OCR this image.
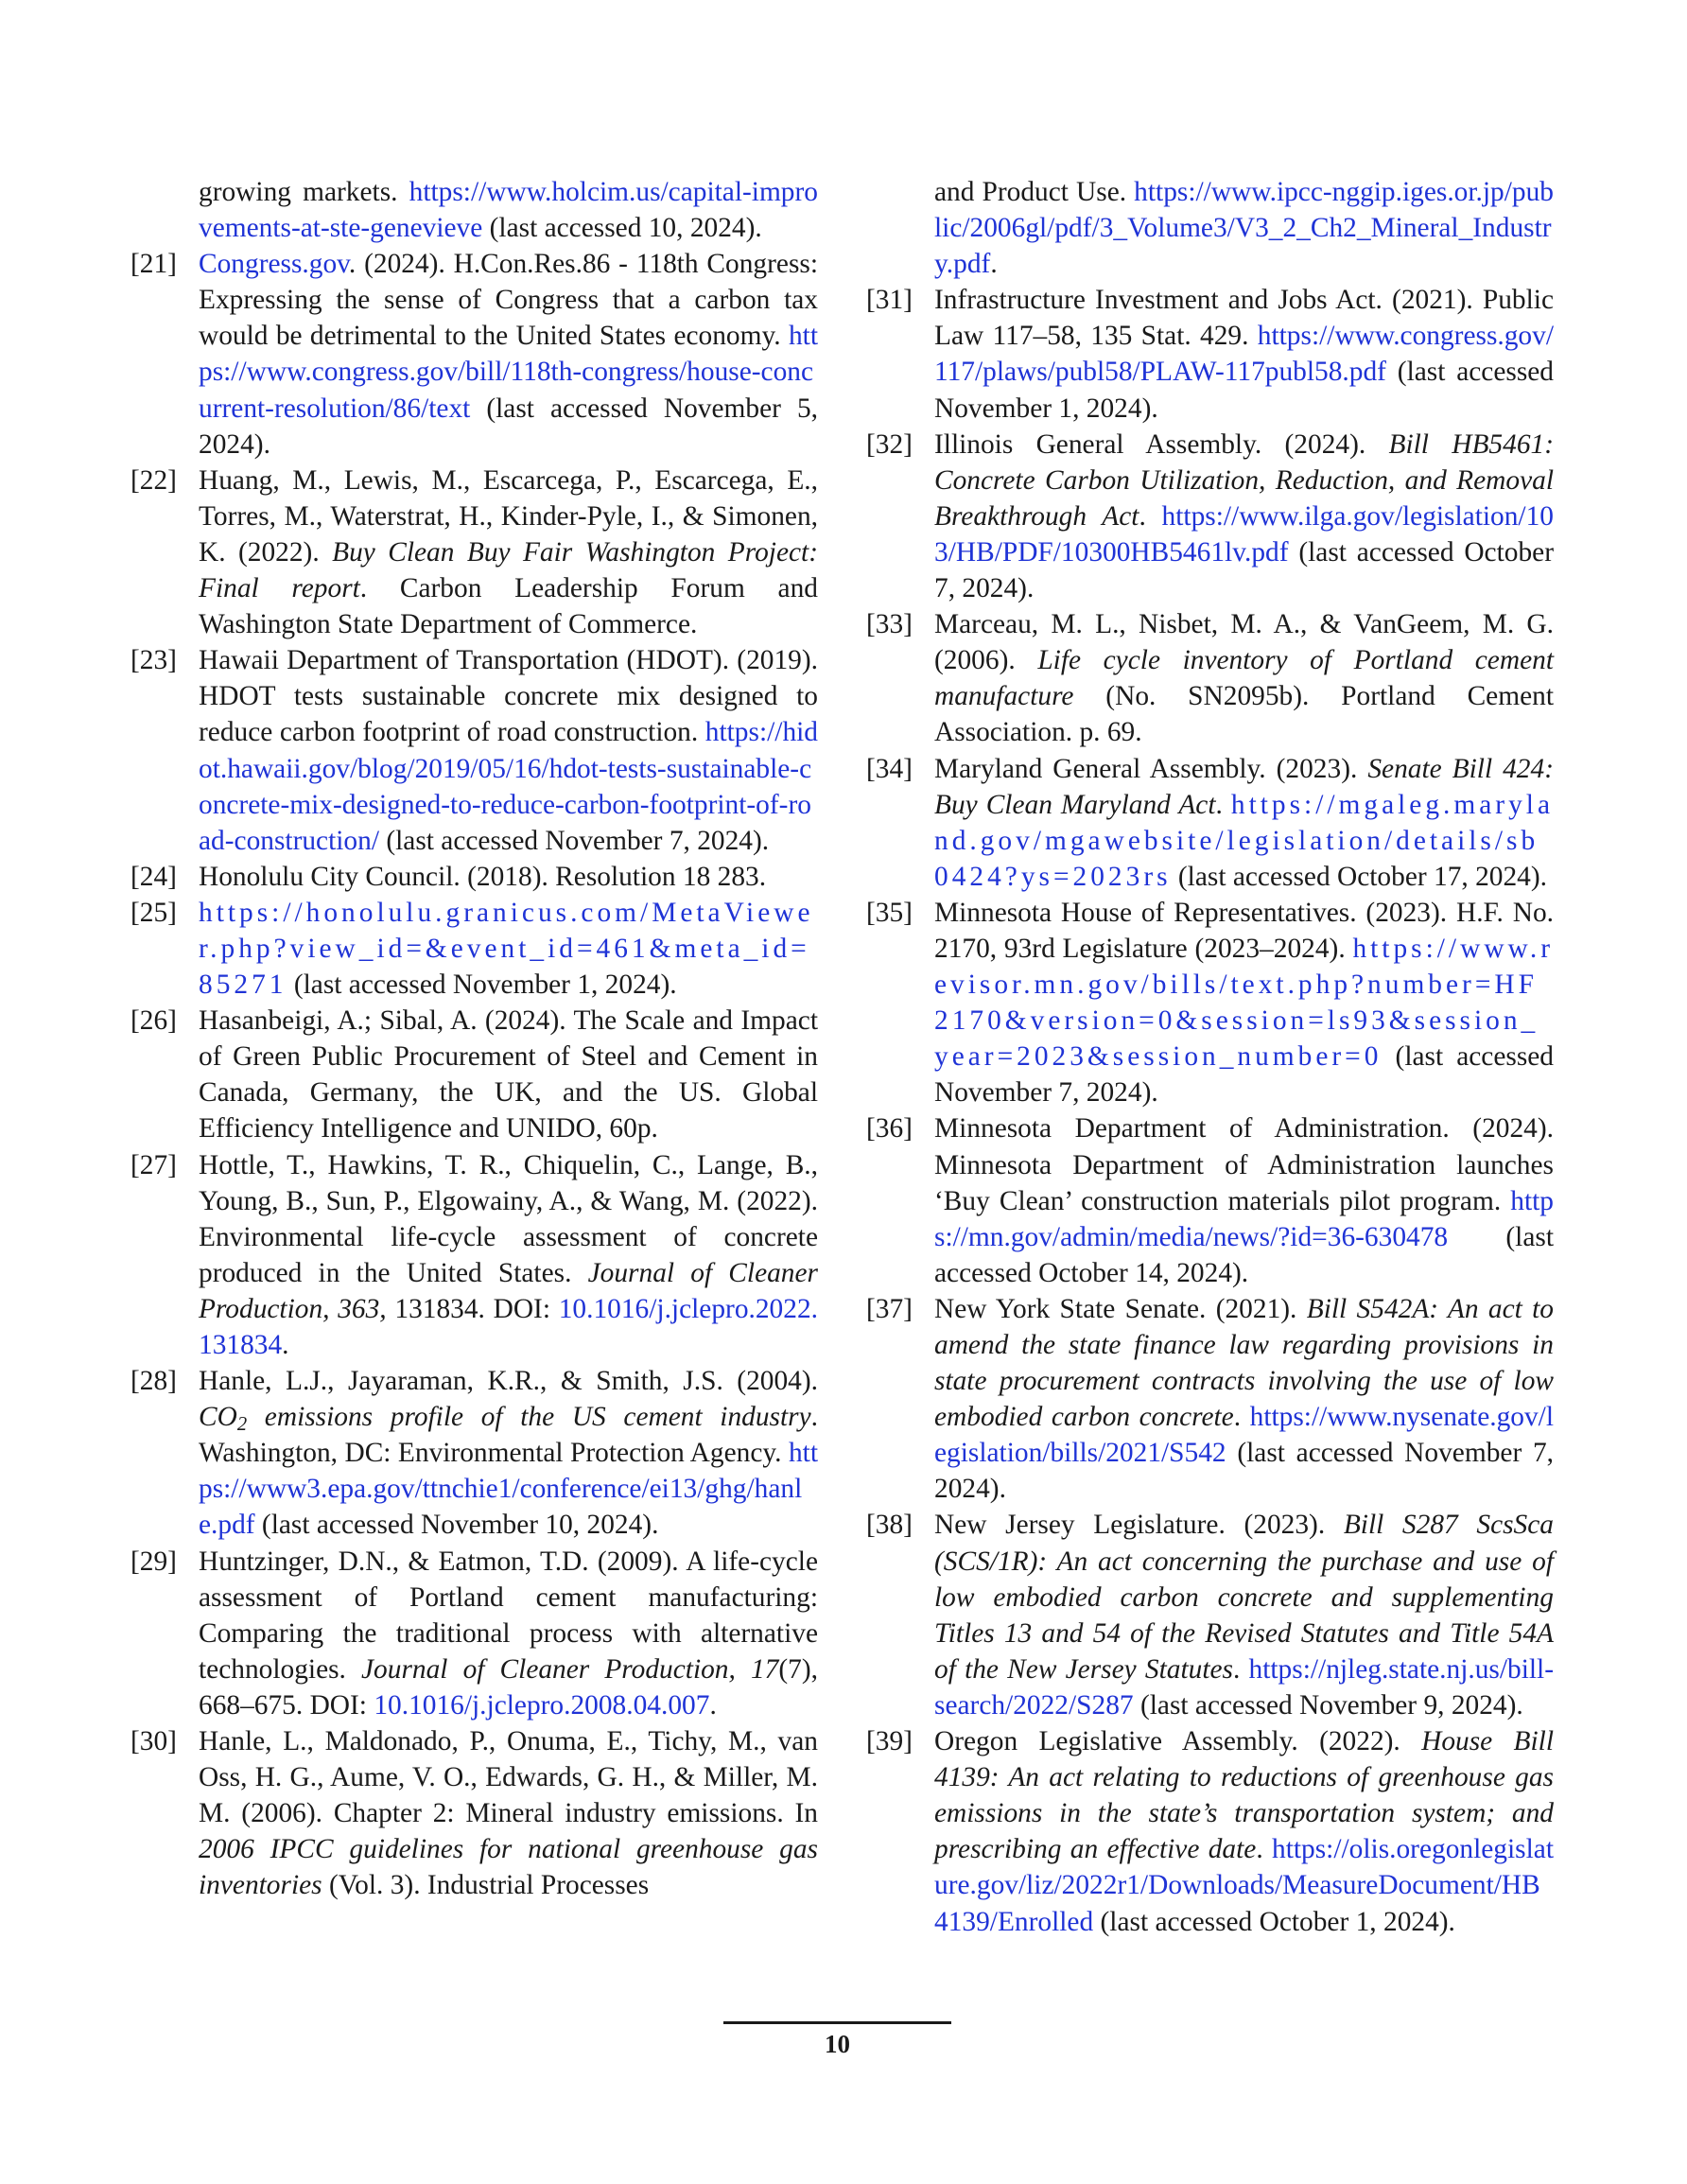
growing markets. https://www.holcim.us/capital-improvements-at-ste-genevieve (last accessed 10, 2024).
[21] Congress.gov. (2024). H.Con.Res.86 - 118th Congress: Expressing the sense of Congress that a carbon tax would be detrimental to the United States economy. https://www.congress.gov/bill/118th-congress/house-concurrent-resolution/86/text (last accessed November 5, 2024).
[22] Huang, M., Lewis, M., Escarcega, P., Escarcega, E., Torres, M., Waterstrat, H., Kinder-Pyle, I., & Simonen, K. (2022). Buy Clean Buy Fair Washington Project: Final report. Carbon Leadership Forum and Washington State Department of Commerce.
[23] Hawaii Department of Transportation (HDOT). (2019). HDOT tests sustainable concrete mix designed to reduce carbon footprint of road construction. https://hidot.hawaii.gov/blog/2019/05/16/hdot-tests-sustainable-concrete-mix-designed-to-reduce-carbon-footprint-of-road-construction/ (last accessed November 7, 2024).
[24] Honolulu City Council. (2018). Resolution 18 283.
[25] https://honolulu.granicus.com/MetaViewer.php?view_id=&event_id=461&meta_id=85271 (last accessed November 1, 2024).
[26] Hasanbeigi, A.; Sibal, A. (2024). The Scale and Impact of Green Public Procurement of Steel and Cement in Canada, Germany, the UK, and the US. Global Efficiency Intelligence and UNIDO, 60p.
[27] Hottle, T., Hawkins, T. R., Chiquelin, C., Lange, B., Young, B., Sun, P., Elgowainy, A., & Wang, M. (2022). Environmental life-cycle assessment of concrete produced in the United States. Journal of Cleaner Production, 363, 131834. DOI: 10.1016/j.jclepro.2022.131834.
[28] Hanle, L.J., Jayaraman, K.R., & Smith, J.S. (2004). $CO_2$ emissions profile of the US cement industry. Washington, DC: Environmental Protection Agency. https://www3.epa.gov/ttnchie1/conference/ei13/ghg/hanle.pdf (last accessed November 10, 2024).
[29] Huntzinger, D.N., & Eatmon, T.D. (2009). A life-cycle assessment of Portland cement manufacturing: Comparing the traditional process with alternative technologies. Journal of Cleaner Production, 17(7), 668–675. DOI: 10.1016/j.jclepro.2008.04.007.
[30] Hanle, L., Maldonado, P., Onuma, E., Tichy, M., van Oss, H. G., Aume, V. O., Edwards, G. H., & Miller, M. M. (2006). Chapter 2: Mineral industry emissions. In 2006 IPCC guidelines for national greenhouse gas inventories (Vol. 3). Industrial Processes
and Product Use. https://www.ipcc-nggip.iges.or.jp/public/2006gl/pdf/3_Volume3/V3_2_Ch2_Mineral_Industry.pdf.
[31] Infrastructure Investment and Jobs Act. (2021). Public Law 117–58, 135 Stat. 429. https://www.congress.gov/117/plaws/publ58/PLAW-117publ58.pdf (last accessed November 1, 2024).
[32] Illinois General Assembly. (2024). Bill HB5461: Concrete Carbon Utilization, Reduction, and Removal Breakthrough Act. https://www.ilga.gov/legislation/103/HB/PDF/10300HB5461lv.pdf (last accessed October 7, 2024).
[33] Marceau, M. L., Nisbet, M. A., & VanGeem, M. G. (2006). Life cycle inventory of Portland cement manufacture (No. SN2095b). Portland Cement Association. p. 69.
[34] Maryland General Assembly. (2023). Senate Bill 424: Buy Clean Maryland Act. https://mgaleg.maryland.gov/mgawebsite/legislation/details/sb0424?ys=2023rs (last accessed October 17, 2024).
[35] Minnesota House of Representatives. (2023). H.F. No. 2170, 93rd Legislature (2023–2024). https://www.revisor.mn.gov/bills/text.php?number=HF2170&version=0&session=ls93&session_year=2023&session_number=0 (last accessed November 7, 2024).
[36] Minnesota Department of Administration. (2024). Minnesota Department of Administration launches ‘Buy Clean’ construction materials pilot program. https://mn.gov/admin/media/news/?id=36-630478 (last accessed October 14, 2024).
[37] New York State Senate. (2021). Bill S542A: An act to amend the state finance law regarding provisions in state procurement contracts involving the use of low embodied carbon concrete. https://www.nysenate.gov/legislation/bills/2021/S542 (last accessed November 7, 2024).
[38] New Jersey Legislature. (2023). Bill S287 ScsSca (SCS/1R): An act concerning the purchase and use of low embodied carbon concrete and supplementing Titles 13 and 54 of the Revised Statutes and Title 54A of the New Jersey Statutes. https://njleg.state.nj.us/bill-search/2022/S287 (last accessed November 9, 2024).
[39] Oregon Legislative Assembly. (2022). House Bill 4139: An act relating to reductions of greenhouse gas emissions in the state’s transportation system; and prescribing an effective date. https://olis.oregonlegislature.gov/liz/2022r1/Downloads/MeasureDocument/HB4139/Enrolled (last accessed October 1, 2024).
10
